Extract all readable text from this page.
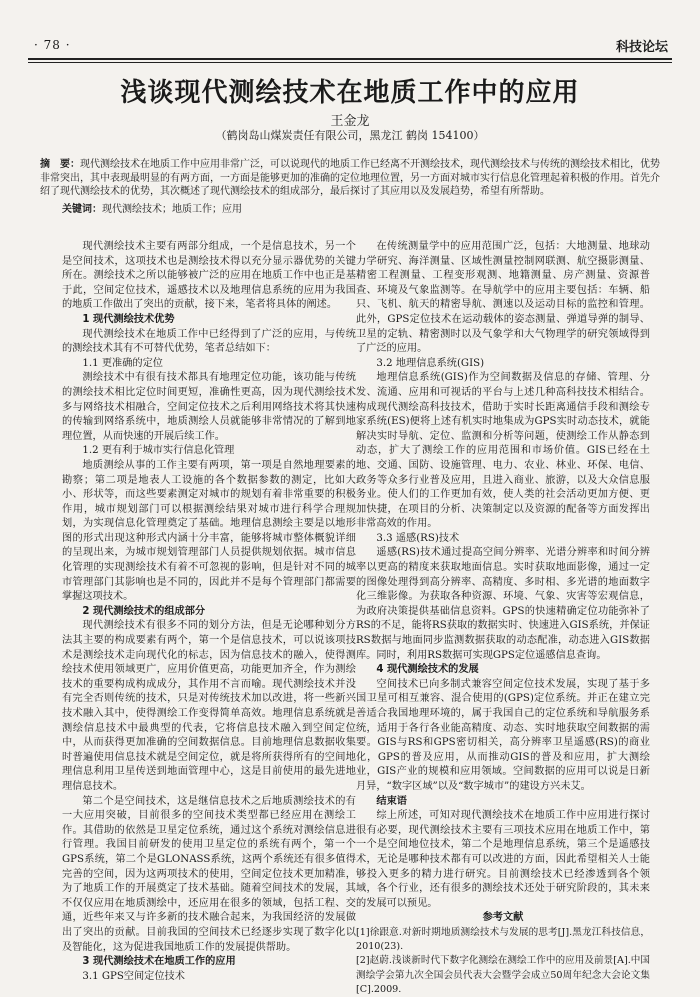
· 78 ·	科技论坛
浅谈现代测绘技术在地质工作中的应用
王金龙
（鹤岗岛山煤炭责任有限公司，黑龙江 鹤岗 154100）
摘　要：现代测绘技术在地质工作中应用非常广泛，可以说现代的地质工作已经离不开测绘技术，现代测绘技术与传统的测绘技术相比，优势非常突出，其中表现最明显的有两方面，一方面是能够更加的准确的定位地理位置，另一方面对城市实行信息化管理起着积极的作用。首先介绍了现代测绘技术的优势，其次概述了现代测绘技术的组成部分，最后探讨了其应用以及发展趋势，希望有所帮助。
关键词：现代测绘技术；地质工作；应用

现代测绘技术主要有两部分组成，一个是信息技术，另一个是空间技术，这项技术也是测绘技术得以充分显示器优势的关键所在。测绘技术之所以能够被广泛的应用在地质工作中也正是基于此，空间定位技术，遥感技术以及地理信息系统的应用为我国的地质工作做出了突出的贡献，接下来，笔者将具体的阐述。

1 现代测绘技术优势

现代测绘技术在地质工作中已经得到了广泛的应用，与传统的测绘技术其有不可替代优势，笔者总结如下：

1.1 更准确的定位

测绘技术中有很有技术都具有地理定位功能，该功能与传统的测绘技术相比定位时间更短，准确性更高，因为现代测绘技术多与网络技术相融合，空间定位技术之后利用网络技术将其快速的传输到网络系统中，地质测绘人员就能够非常情况的了解到地理位置，从而快速的开展后续工作。

1.2 更有利于城市实行信息化管理

地质测绘从事的工作主要有两项，第一项是自然地理要素的勘察；第二项是地表人工设施的各个数据参数的测定，比如大小、形状等，而这些要素测定对城市的规划有着非常重要的积极作用，城市规划部门可以根据测绘结果对城市进行科学合理规划，为实现信息化管理奠定了基础。地理信息测绘主要是以地形图的形式出现这种形式内涵十分丰富，能够将城市整体概貌详细的呈现出来，为城市规划管理部门人员提供规划依据。城市信息化管理的实现测绘技术有着不可忽视的影响，但是针对不同的城市管理部门其影响也是不同的，因此并不是每个管理部门都需要掌握这项技术。

2 现代测绘技术的组成部分

现代测绘技术有很多不同的划分方法，但是无论哪种划分方法其主要的构成要素有两个，第一个是信息技术，可以说该项技术是测绘技术走向现代化的标志，因为信息技术的融入，使得测绘技术使用领域更广，应用价值更高，功能更加齐全，作为测绘技术的重要构成构成成分，其作用不言而喻。现代测绘技术并没有完全否则传统的技术，只是对传统技术加以改进，将一些新兴技术融入其中，使得测绘工作变得简单高效。地理信息系统就是测绘信息技术中最典型的代表，它将信息技术融入到空间定位中，从而获得更加准确的空间数据信息。目前地理信息数据收集时普遍使用信息技术就是空间定位，就是将所获得所有的空间地理信息利用卫星传送到地面管理中心，这是目前使用的最先进地理信息技术。

第二个是空间技术，这是继信息技术之后地质测绘技术的有一大应用突破，目前很多的空间技术类型都已经应用在测绘工作。其借助的依然是卫星定位系统，通过这个系统对测绘信息进行管理。我国目前研发的使用卫星定位的系统有两个，第一个GPS系统，第二个是GLONASS系统，这两个系统还有很多值得完善的空间，因为这两项技术的使用，空间定位技术更加精准，为了地质工作的开展奠定了技术基础。随着空间技术的发展，其不仅仅应用在地质测绘中，还应用在很多的领域，包括工程、交通，近些年来又与许多新的技术融合起来，为我国经济的发展做出了突出的贡献。目前我国的空间技术已经逐步实现了数字化以及智能化，这为促进我国地质工作的发展提供帮助。

3 现代测绘技术在地质工作的应用

3.1 GPS空间定位技术

在传统测量学中的应用范围广泛，包括：大地测量、地球动力学研究、海洋测量、区域性测量控制网联测、航空摄影测量、精密工程测量、工程变形观测、地籍测量、房产测量、资源普查、环境及气象监测等。在导航学中的应用主要包括：车辆、船只、飞机、航天的精密导航、测速以及运动目标的监控和管理。此外，GPS定位技术在运动载体的姿态测量、弹道导弹的制导、卫星的定轨、精密测时以及气象学和大气物理学的研究领域得到了广泛的应用。

3.2 地理信息系统(GIS)

地理信息系统(GIS)作为空间数据及信息的存储、管理、分发、流通、应用和可视话的平台与上述几种高科技技术相结合。构成现代测绘高科技技术，借助于实时长距离通信手段和测绘专家系统(ES)便将上述有机实时地集成为GPS实时动态技术，就能解决实时导航、定位、监测和分析等问题，使测绘工作从静态到动态，扩大了测绘工作的应用范围和市场价值。GIS已经在土地、交通、国防、设施管理、电力、农业、林业、环保、电信、政务等众多行业普及应用，且进入商业、旅游，以及大众信息服务业。使人们的工作更加有效，使人类的社会活动更加方便、更加快捷，在项目的分析、决策制定以及资源的配备等方面发挥出非常高效的作用。

3.3 遥感(RS)技术

遥感(RS)技术通过提高空间分辨率、光谱分辨率和时间分辨率以更高的精度来获取地面信息。实时获取地面影像，通过一定的图像处理得到高分辨率、高精度、多时相、多光谱的地面数字化三维影像。为获取各种资源、环境、气象、灾害等宏观信息，为政府决策提供基础信息资料。GPS的快速精确定位功能弥补了RS的不足，能将RS获取的数据实时、快速进入GIS系统，并保证RS数据与地面同步监测数据获取的动态配准，动态进入GIS数据库。同时，利用RS数据可实现GPS定位遥感信息查询。

4 现代测绘技术的发展

空间技术已向多制式兼容空间定位技术发展，实现了基于多国卫星可相互兼容、混合使用的(GPS)定位系统。并正在建立完善适合我国地理环境的，属于我国自己的定位系统和导航服务系统，适用于各行各业能高精度、动态、实时地获取空间数据的需要。GIS与RS和GPS密切相关，高分辨率卫星遥感(RS)的商业化，GPS的普及应用，从而推动GIS的普及和应用，扩大测绘业，GIS产业的规模和应用领域。空间数据的应用可以说是日新月异，“数字区域”以及“数字城市”的建设方兴未艾。

结束语

综上所述，可知对现代测绘技术在地质工作中应用进行探讨很有必要，现代测绘技术主要有三项技术应用在地质工作中，第一个是空间地位技术，第二个是地理信息系统，第三个是遥感技术，无论是哪种技术都有可以改进的方面，因此希望相关人士能够投入更多的精力进行研究。目前测绘技术已经渗透到各个领域，各个行业，还有很多的测绘技术还处于研究阶段的，其未来的发展可以预见。

参考文献

[1]徐跟意.对新时期地质测绘技术与发展的思考[J].黑龙江科技信息，2010(23).

[2]赵蔚.浅谈新时代下数字化测绘在测绘工作中的应用及前景[A].中国测绘学会第九次全国会员代表大会暨学会成立50周年纪念大会论文集[C].2009.
